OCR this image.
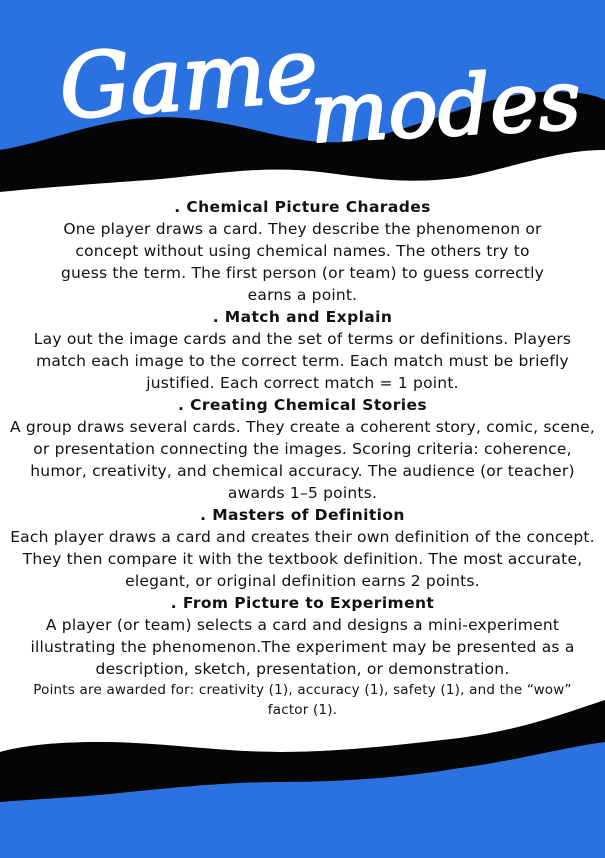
Game
modes
. Chemical Picture Charades
One player draws a card. They describe the phenomenon or concept without using chemical names. The others try to guess the term. The first person (or team) to guess correctly earns a point.
. Match and Explain
Lay out the image cards and the set of terms or definitions. Players match each image to the correct term. Each match must be briefly justified. Each correct match = 1 point.
. Creating Chemical Stories
A group draws several cards. They create a coherent story, comic, scene, or presentation connecting the images. Scoring criteria: coherence, humor, creativity, and chemical accuracy. The audience (or teacher) awards 1–5 points.
. Masters of Definition
Each player draws a card and creates their own definition of the concept. They then compare it with the textbook definition. The most accurate, elegant, or original definition earns 2 points.
. From Picture to Experiment
A player (or team) selects a card and designs a mini-experiment illustrating the phenomenon.The experiment may be presented as a description, sketch, presentation, or demonstration.
Points are awarded for: creativity (1), accuracy (1), safety (1), and the “wow” factor (1).
